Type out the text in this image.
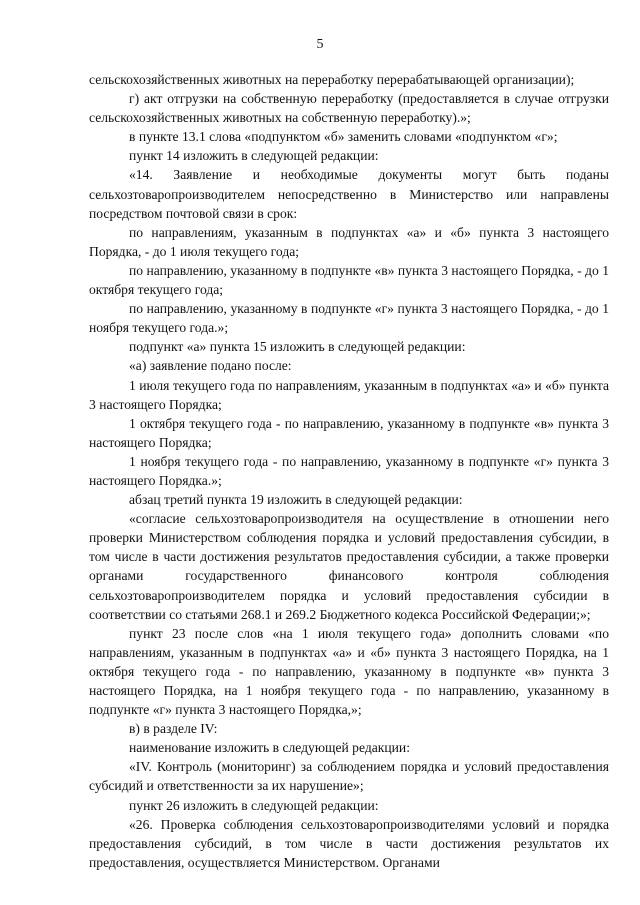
5

сельскохозяйственных животных на переработку перерабатывающей организации);

г) акт отгрузки на собственную переработку (предоставляется в случае отгрузки сельскохозяйственных животных на собственную переработку).»;

в пункте 13.1 слова «подпунктом «б» заменить словами «подпунктом «г»;

пункт 14 изложить в следующей редакции:

«14. Заявление и необходимые документы могут быть поданы сельхозтоваропроизводителем непосредственно в Министерство или направлены посредством почтовой связи в срок:

по направлениям, указанным в подпунктах «а» и «б» пункта 3 настоящего Порядка, - до 1 июля текущего года;

по направлению, указанному в подпункте «в» пункта 3 настоящего Порядка, - до 1 октября текущего года;

по направлению, указанному в подпункте «г» пункта 3 настоящего Порядка, - до 1 ноября текущего года.»;

подпункт «а» пункта 15 изложить в следующей редакции:

«а) заявление подано после:

1 июля текущего года по направлениям, указанным в подпунктах «а» и «б» пункта 3 настоящего Порядка;

1 октября текущего года - по направлению, указанному в подпункте «в» пункта 3 настоящего Порядка;

1 ноября текущего года - по направлению, указанному в подпункте «г» пункта 3 настоящего Порядка.»;

абзац третий пункта 19 изложить в следующей редакции:

«согласие сельхозтоваропроизводителя на осуществление в отношении него проверки Министерством соблюдения порядка и условий предоставления субсидии, в том числе в части достижения результатов предоставления субсидии, а также проверки органами государственного финансового контроля соблюдения сельхозтоваропроизводителем порядка и условий предоставления субсидии в соответствии со статьями 268.1 и 269.2 Бюджетного кодекса Российской Федерации;»;

пункт 23 после слов «на 1 июля текущего года» дополнить словами «по направлениям, указанным в подпунктах «а» и «б» пункта 3 настоящего Порядка, на 1 октября текущего года - по направлению, указанному в подпункте «в» пункта 3 настоящего Порядка, на 1 ноября текущего года - по направлению, указанному в подпункте «г» пункта 3 настоящего Порядка,»;

в) в разделе IV:

наименование изложить в следующей редакции:

«IV. Контроль (мониторинг) за соблюдением порядка и условий предоставления субсидий и ответственности за их нарушение»;

пункт 26 изложить в следующей редакции:

«26. Проверка соблюдения сельхозтоваропроизводителями условий и порядка предоставления субсидий, в том числе в части достижения результатов их предоставления, осуществляется Министерством. Органами
